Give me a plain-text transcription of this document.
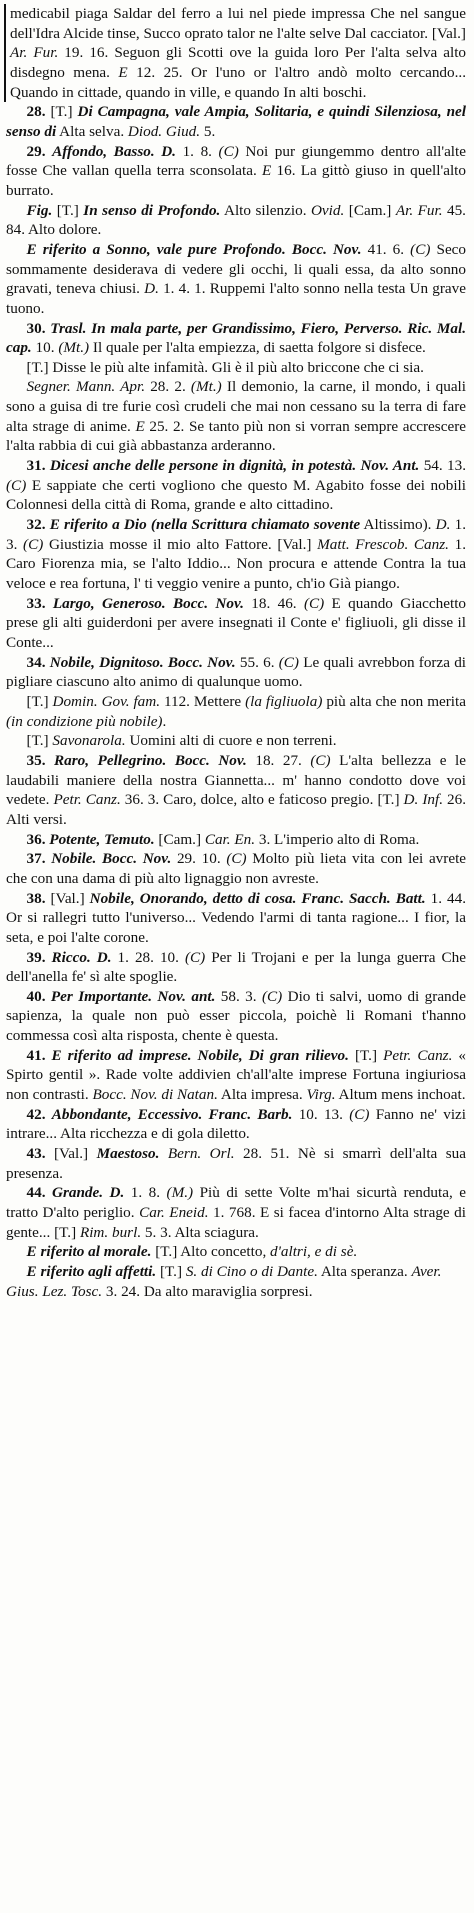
medicabil piaga Saldar del ferro a lui nel piede impressa Che nel sangue dell'Idra Alcide tinse, Succo oprato talor ne l'alte selve Dal cacciator. [Val.] Ar. Fur. 19. 16. Seguon gli Scotti ove la guida loro Per l'alta selva alto disdegno mena. E 12. 25. Or l'uno or l'altro andò molto cercando... Quando in cittade, quando in ville, e quando In alti boschi.

28. [T.] Di Campagna, vale Ampia, Solitaria, e quindi Silenziosa, nel senso di Alta selva. Diod. Giud. 5.

29. Affondo, Basso. D. 1. 8. (C) Noi pur giungemmo dentro all'alte fosse Che vallan quella terra sconsolata. E 16. La gittò giuso in quell'alto burrato.

Fig. [T.] In senso di Profondo. Alto silenzio. Ovid. [Cam.] Ar. Fur. 45. 84. Alto dolore.

E riferito a Sonno, vale pure Profondo. Bocc. Nov. 41. 6. (C) Seco sommamente desiderava di vedere gli occhi, li quali essa, da alto sonno gravati, teneva chiusi. D. 1. 4. 1. Ruppemi l'alto sonno nella testa Un grave tuono.

30. Trasl. In mala parte, per Grandissimo, Fiero, Perverso. Ric. Mal. cap. 10. (Mt.) Il quale per l'alta empiezza, di saetta folgore si disfece.

[T.] Disse le più alte infamità. Gli è il più alto briccone che ci sia.

Segner. Mann. Apr. 28. 2. (Mt.) Il demonio, la carne, il mondo, i quali sono a guisa di tre furie così crudeli che mai non cessano su la terra di fare alta strage di anime. E 25. 2. Se tanto più non si vorran sempre accrescere l'alta rabbia di cui già abbastanza arderanno.

31. Dicesi anche delle persone in dignità, in potestà. Nov. Ant. 54. 13. (C) E sappiate che certi vogliono che questo M. Agabito fosse dei nobili Colonnesi della città di Roma, grande e alto cittadino.

32. E riferito a Dio (nella Scrittura chiamato sovente Altissimo). D. 1. 3. (C) Giustizia mosse il mio alto Fattore. [Val.] Matt. Frescob. Canz. 1. Caro Fiorenza mia, se l'alto Iddio... Non procura e attende Contra la tua veloce e rea fortuna, l' ti veggio venire a punto, ch'io Già piango.

33. Largo, Generoso. Bocc. Nov. 18. 46. (C) E quando Giacchetto prese gli alti guiderdoni per avere insegnati il Conte e' figliuoli, gli disse il Conte...

34. Nobile, Dignitoso. Bocc. Nov. 55. 6. (C) Le quali avrebbon forza di pigliare ciascuno alto animo di qualunque uomo.

[T.] Domin. Gov. fam. 112. Mettere (la figliuola) più alta che non merita (in condizione più nobile).

[T.] Savonarola. Uomini alti di cuore e non terreni.

35. Raro, Pellegrino. Bocc. Nov. 18. 27. (C) L'alta bellezza e le laudabili maniere della nostra Giannetta... m' hanno condotto dove voi vedete. Petr. Canz. 36. 3. Caro, dolce, alto e faticoso pregio. [T.] D. Inf. 26. Alti versi.

36. Potente, Temuto. [Cam.] Car. En. 3. L'imperio alto di Roma.

37. Nobile. Bocc. Nov. 29. 10. (C) Molto più lieta vita con lei avrete che con una dama di più alto lignaggio non avreste.

38. [Val.] Nobile, Onorando, detto di cosa. Franc. Sacch. Batt. 1. 44. Or si rallegri tutto l'universo... Vedendo l'armi di tanta ragione... I fior, la seta, e poi l'alte corone.

39. Ricco. D. 1. 28. 10. (C) Per li Trojani e per la lunga guerra Che dell'anella fe' sì alte spoglie.

40. Per Importante. Nov. ant. 58. 3. (C) Dio ti salvi, uomo di grande sapienza, la quale non può esser piccola, poichè li Romani t'hanno commessa così alta risposta, chente è questa.

41. E riferito ad imprese. Nobile, Di gran rilievo. [T.] Petr. Canz. « Spirto gentil ». Rade volte addivien ch'all'alte imprese Fortuna ingiuriosa non contrasti. Bocc. Nov. di Natan. Alta impresa. Virg. Altum mens inchoat.

42. Abbondante, Eccessivo. Franc. Barb. 10. 13. (C) Fanno ne' vizi intrare... Alta ricchezza e di gola diletto.

43. [Val.] Maestoso. Bern. Orl. 28. 51. Nè si smarrì dell'alta sua presenza.

44. Grande. D. 1. 8. (M.) Più di sette Volte m'hai sicurtà renduta, e tratto D'alto periglio. Car. Eneid. 1. 768. E si facea d'intorno Alta strage di gente... [T.] Rim. burl. 5. 3. Alta sciagura.

E riferito al morale. [T.] Alto concetto, d'altri, e di sè.

E riferito agli affetti. [T.] S. di Cino o di Dante. Alta speranza. Aver. Gius. Lez. Tosc. 3. 24. Da alto maraviglia sorpresi.
